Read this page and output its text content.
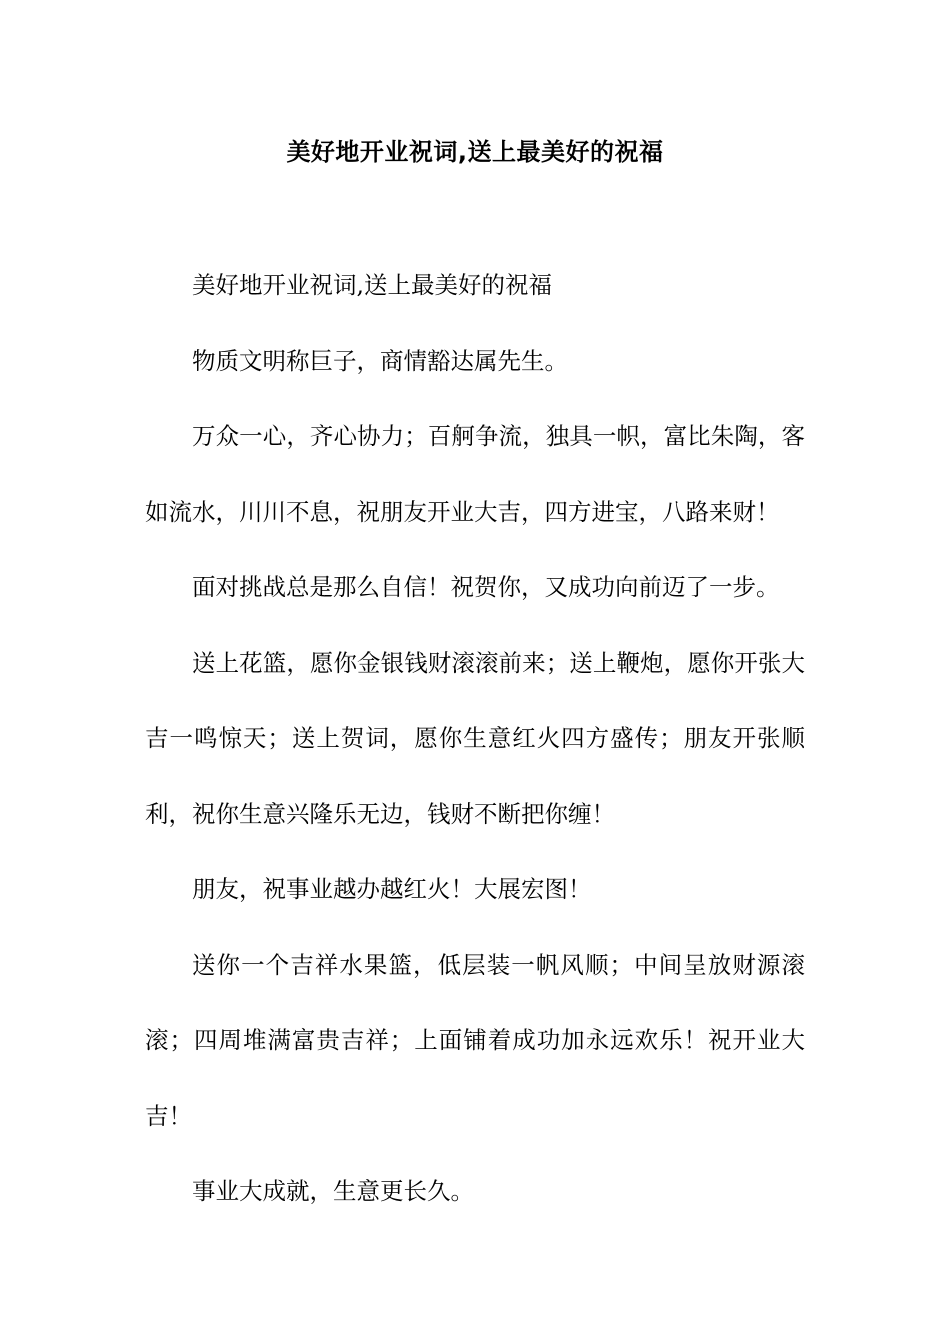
美好地开业祝词,送上最美好的祝福

美好地开业祝词,送上最美好的祝福

物质文明称巨子，商情豁达属先生。

万众一心，齐心协力；百舸争流，独具一帜，富比朱陶，客如流水，川川不息，祝朋友开业大吉，四方进宝，八路来财！

面对挑战总是那么自信！祝贺你，又成功向前迈了一步。

送上花篮，愿你金银钱财滚滚前来；送上鞭炮，愿你开张大吉一鸣惊天；送上贺词，愿你生意红火四方盛传；朋友开张顺利，祝你生意兴隆乐无边，钱财不断把你缠！

朋友，祝事业越办越红火！大展宏图！

送你一个吉祥水果篮，低层装一帆风顺；中间呈放财源滚滚；四周堆满富贵吉祥；上面铺着成功加永远欢乐！祝开业大吉！

事业大成就，生意更长久。
